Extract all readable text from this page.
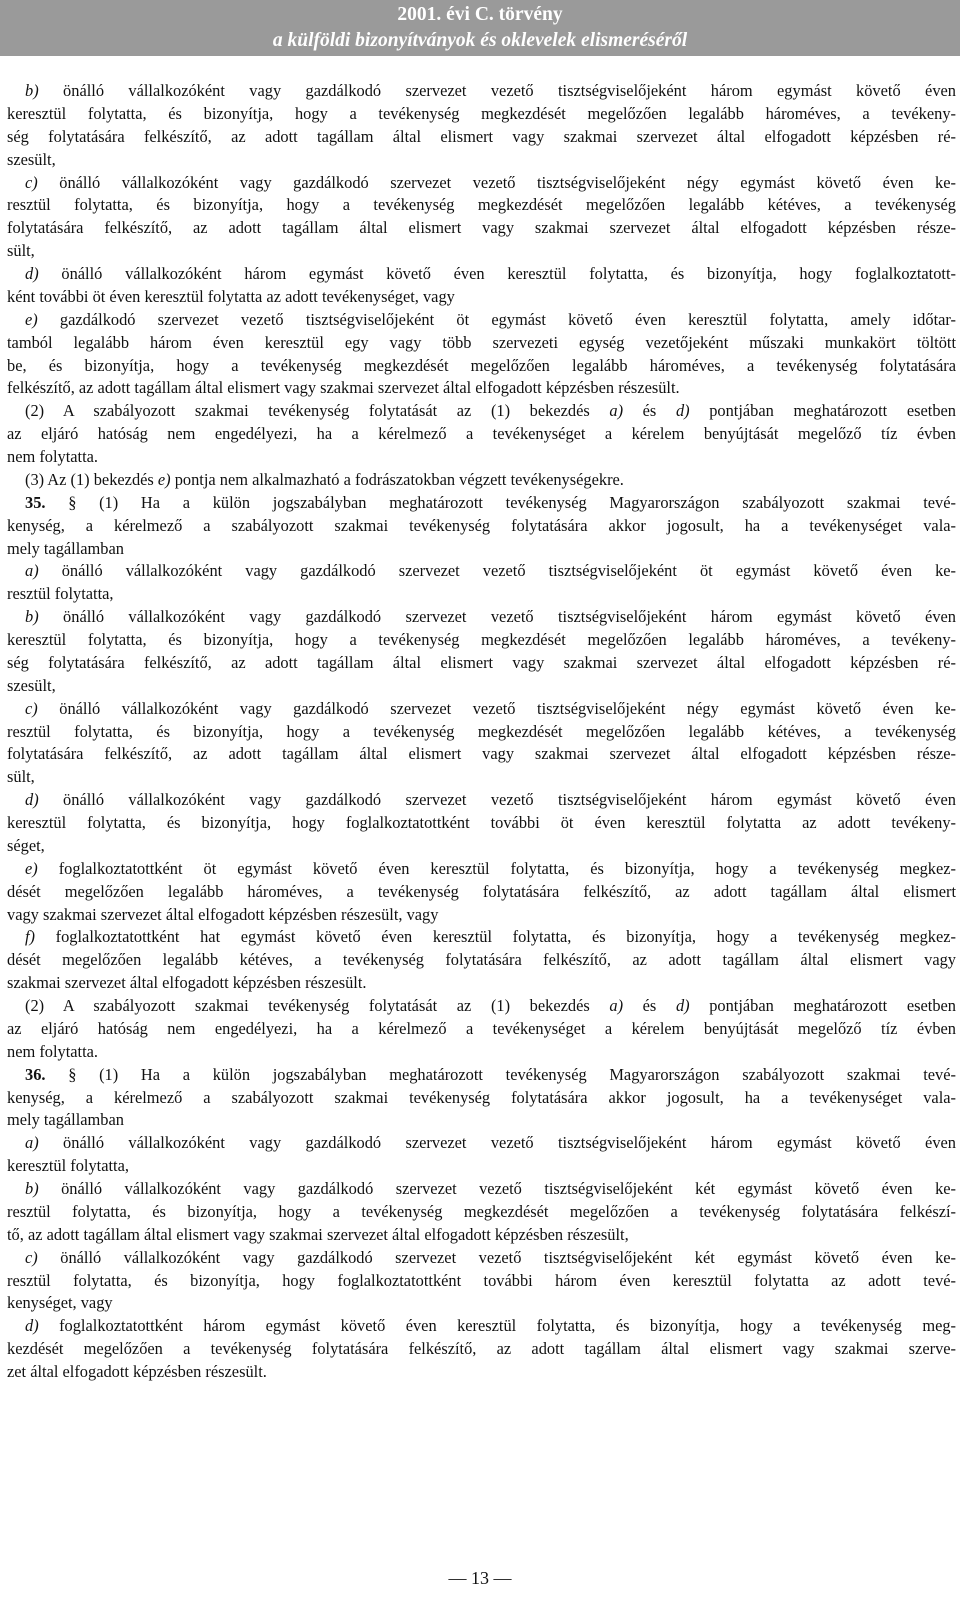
2001. évi C. törvény
a külföldi bizonyítványok és oklevelek elismeréséről
b) önálló vállalkozóként vagy gazdálkodó szervezet vezető tisztségviselőjeként három egymást követő éven
keresztül folytatta, és bizonyítja, hogy a tevékenység megkezdését megelőzően legalább hároméves, a tevékeny-
ség folytatására felkészítő, az adott tagállam által elismert vagy szakmai szervezet által elfogadott képzésben ré-
szesült,
c) önálló vállalkozóként vagy gazdálkodó szervezet vezető tisztségviselőjeként négy egymást követő éven ke-
resztül folytatta, és bizonyítja, hogy a tevékenység megkezdését megelőzően legalább kétéves, a tevékenység
folytatására felkészítő, az adott tagállam által elismert vagy szakmai szervezet által elfogadott képzésben része-
sült,
d) önálló vállalkozóként három egymást követő éven keresztül folytatta, és bizonyítja, hogy foglalkoztatott-
ként további öt éven keresztül folytatta az adott tevékenységet, vagy
e) gazdálkodó szervezet vezető tisztségviselőjeként öt egymást követő éven keresztül folytatta, amely időtar-
tamból legalább három éven keresztül egy vagy több szervezeti egység vezetőjeként műszaki munkakört töltött
be, és bizonyítja, hogy a tevékenység megkezdését megelőzően legalább hároméves, a tevékenység folytatására
felkészítő, az adott tagállam által elismert vagy szakmai szervezet által elfogadott képzésben részesült.
(2) A szabályozott szakmai tevékenység folytatását az (1) bekezdés a) és d) pontjában meghatározott esetben
az eljáró hatóság nem engedélyezi, ha a kérelmező a tevékenységet a kérelem benyújtását megelőző tíz évben
nem folytatta.
(3) Az (1) bekezdés e) pontja nem alkalmazható a fodrászatokban végzett tevékenységekre.
35. § (1) Ha a külön jogszabályban meghatározott tevékenység Magyarországon szabályozott szakmai tevé-
kenység, a kérelmező a szabályozott szakmai tevékenység folytatására akkor jogosult, ha a tevékenységet vala-
mely tagállamban
a) önálló vállalkozóként vagy gazdálkodó szervezet vezető tisztségviselőjeként öt egymást követő éven ke-
resztül folytatta,
b) önálló vállalkozóként vagy gazdálkodó szervezet vezető tisztségviselőjeként három egymást követő éven
keresztül folytatta, és bizonyítja, hogy a tevékenység megkezdését megelőzően legalább hároméves, a tevékeny-
ség folytatására felkészítő, az adott tagállam által elismert vagy szakmai szervezet által elfogadott képzésben ré-
szesült,
c) önálló vállalkozóként vagy gazdálkodó szervezet vezető tisztségviselőjeként négy egymást követő éven ke-
resztül folytatta, és bizonyítja, hogy a tevékenység megkezdését megelőzően legalább kétéves, a tevékenység
folytatására felkészítő, az adott tagállam által elismert vagy szakmai szervezet által elfogadott képzésben része-
sült,
d) önálló vállalkozóként vagy gazdálkodó szervezet vezető tisztségviselőjeként három egymást követő éven
keresztül folytatta, és bizonyítja, hogy foglalkoztatottként további öt éven keresztül folytatta az adott tevékeny-
séget,
e) foglalkoztatottként öt egymást követő éven keresztül folytatta, és bizonyítja, hogy a tevékenység megkez-
dését megelőzően legalább hároméves, a tevékenység folytatására felkészítő, az adott tagállam által elismert
vagy szakmai szervezet által elfogadott képzésben részesült, vagy
f) foglalkoztatottként hat egymást követő éven keresztül folytatta, és bizonyítja, hogy a tevékenység megkez-
dését megelőzően legalább kétéves, a tevékenység folytatására felkészítő, az adott tagállam által elismert vagy
szakmai szervezet által elfogadott képzésben részesült.
(2) A szabályozott szakmai tevékenység folytatását az (1) bekezdés a) és d) pontjában meghatározott esetben
az eljáró hatóság nem engedélyezi, ha a kérelmező a tevékenységet a kérelem benyújtását megelőző tíz évben
nem folytatta.
36. § (1) Ha a külön jogszabályban meghatározott tevékenység Magyarországon szabályozott szakmai tevé-
kenység, a kérelmező a szabályozott szakmai tevékenység folytatására akkor jogosult, ha a tevékenységet vala-
mely tagállamban
a) önálló vállalkozóként vagy gazdálkodó szervezet vezető tisztségviselőjeként három egymást követő éven
keresztül folytatta,
b) önálló vállalkozóként vagy gazdálkodó szervezet vezető tisztségviselőjeként két egymást követő éven ke-
resztül folytatta, és bizonyítja, hogy a tevékenység megkezdését megelőzően a tevékenység folytatására felkészí-
tő, az adott tagállam által elismert vagy szakmai szervezet által elfogadott képzésben részesült,
c) önálló vállalkozóként vagy gazdálkodó szervezet vezető tisztségviselőjeként két egymást követő éven ke-
resztül folytatta, és bizonyítja, hogy foglalkoztatottként további három éven keresztül folytatta az adott tevé-
kenységet, vagy
d) foglalkoztatottként három egymást követő éven keresztül folytatta, és bizonyítja, hogy a tevékenység meg-
kezdését megelőzően a tevékenység folytatására felkészítő, az adott tagállam által elismert vagy szakmai szerve-
zet által elfogadott képzésben részesült.
— 13 —
